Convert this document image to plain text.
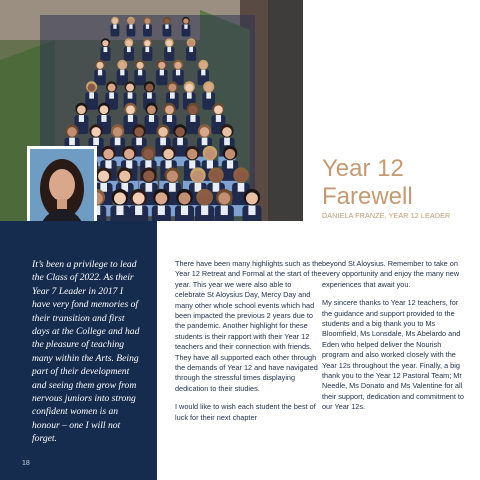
It’s been a privilege to lead the Class of 2022. As their Year 7 Leader in 2017 I have very fond memories of their transition and first days at the College and had the pleasure of teaching many within the Arts. Being part of their development and seeing them grow from nervous juniors into strong confident women is an honour – one I will not forget.

18
Year 12
Farewell
DANIELA FRANZE, YEAR 12 LEADER

There have been many highlights such as the Year 12 Retreat and Formal at the start of the year. This year we were also able to celebrate St Aloysius Day, Mercy Day and many other whole school events which had been impacted the previous 2 years due to the pandemic. Another highlight for these students is their rapport with their Year 12 teachers and their connection with friends. They have all supported each other through the demands of Year 12 and have navigated through the stressful times displaying dedication to their studies.

I would like to wish each student the best of luck for their next chapter

beyond St Aloysius. Remember to take on every opportunity and enjoy the many new experiences that await you.

My sincere thanks to Year 12 teachers, for the guidance and support provided to the students and a big thank you to Ms Bloomfield, Ms Lonsdale, Ms Abelardo and Eden who helped deliver the Nourish program and also worked closely with the Year 12s throughout the year. Finally, a big thank you to the Year 12 Pastoral Team; Mr Needle, Ms Donato and Ms Valentine for all their support, dedication and commitment to our Year 12s.
